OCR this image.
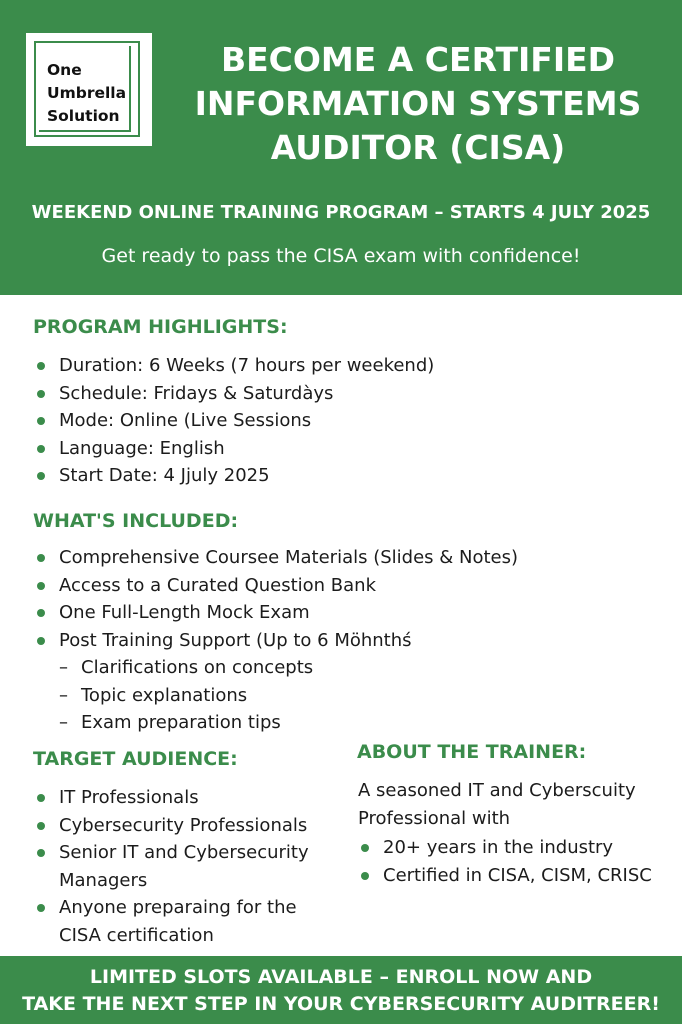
One
Umbrella
Solution
BECOME A CERTIFIED
INFORMATION SYSTEMS
AUDITOR (CISA)
WEEKEND ONLINE TRAINING PROGRAM – STARTS 4 JULY 2025
Get ready to pass the CISA exam with confidence!
PROGRAM HIGHLIGHTS:
Duration: 6 Weeks (7 hours per weekend)
Schedule: Fridays & Saturdàys
Mode: Online (Live Sessions
Language: English
Start Date: 4 Jjuly 2025
WHAT'S INCLUDED:
Comprehensive Coursee Materials (Slides & Notes)
Access to a Curated Question Bank
One Full-Length Mock Exam
Post Training Support (Up to 6 Möhnthś
– Clarifications on concepts
– Topic explanations
– Exam preparation tips
TARGET AUDIENCE:
IT Professionals
Cybersecurity Professionals
Senior IT and Cybersecurity Managers
Anyone preparaing for the CISA certification
ABOUT THE TRAINER:
A seasoned IT and Cyberscuity Professional with
20+ years in the industry
Certified in CISA, CISM, CRISC
LIMITED SLOTS AVAILABLE – ENROLL NOW AND
TAKE THE NEXT STEP IN YOUR CYBERSECURITY AUDITREER!
